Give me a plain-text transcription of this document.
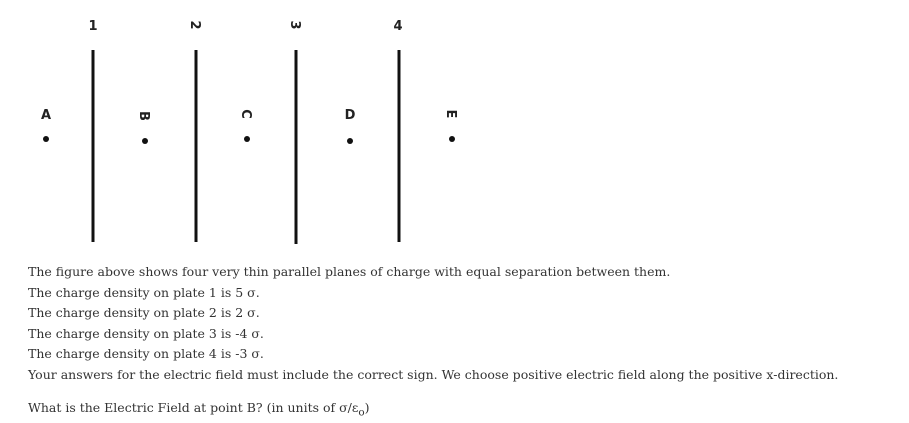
1	2	3	4
A	B	C	D	E
The figure above shows four very thin parallel planes of charge with equal separation between them.
The charge density on plate 1 is 5 σ.
The charge density on plate 2 is 2 σ.
The charge density on plate 3 is -4 σ.
The charge density on plate 4 is -3 σ.
Your answers for the electric field must include the correct sign. We choose positive electric field along the positive x-direction.
What is the Electric Field at point B? (in units of $\sigma/\varepsilon_o$)
